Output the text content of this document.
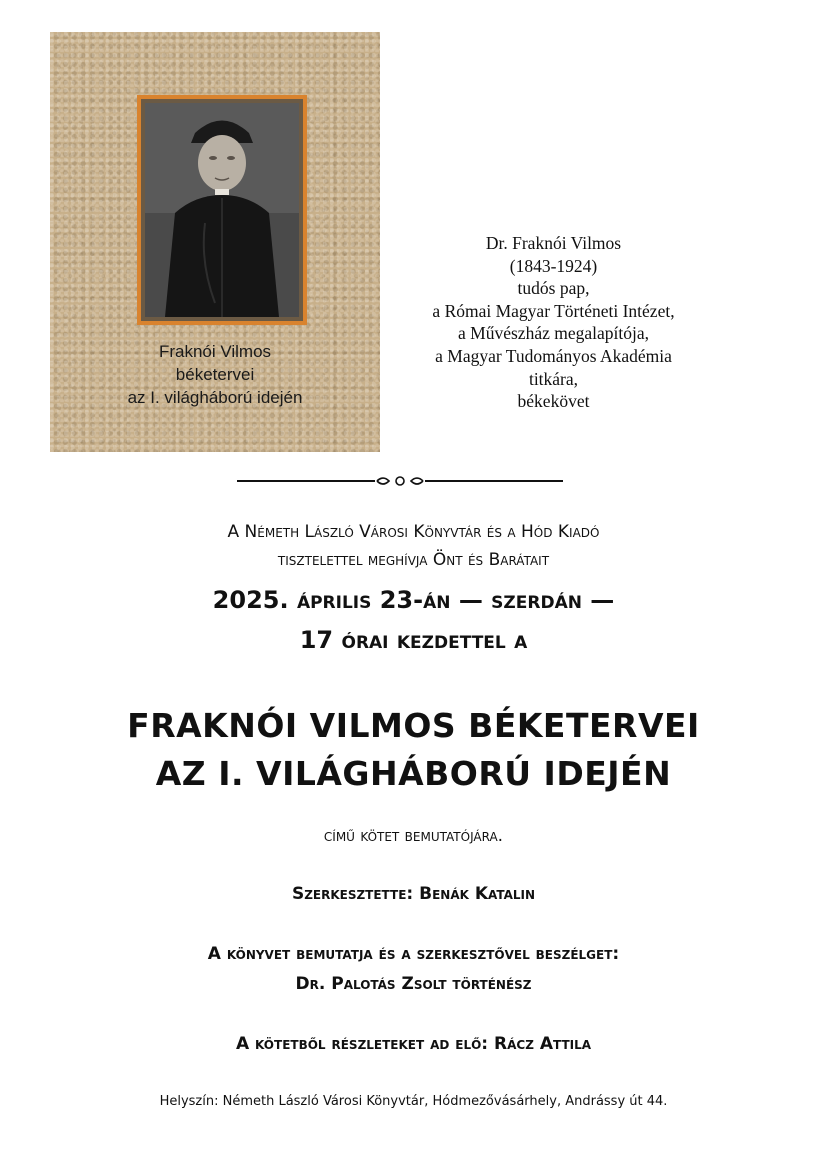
Fraknói Vilmos
béketervei
az I. világháború idején
Dr. Fraknói Vilmos
(1843-1924)
tudós pap,
a Római Magyar Történeti Intézet,
a Művészház megalapítója,
a Magyar Tudományos Akadémia
titkára,
békekövet
A Németh László Városi Könyvtár és a Hód Kiadó
tisztelettel meghívja Önt és Barátait
2025. április 23-án — szerdán —
17 órai kezdettel a
FRAKNÓI VILMOS BÉKETERVEI
AZ I. VILÁGHÁBORÚ IDEJÉN
című kötet bemutatójára.
Szerkesztette: Benák Katalin
A könyvet bemutatja és a szerkesztővel beszélget:
Dr. Palotás Zsolt történész
A kötetből részleteket ad elő: Rácz Attila
Helyszín: Németh László Városi Könyvtár, Hódmezővásárhely, Andrássy út 44.
